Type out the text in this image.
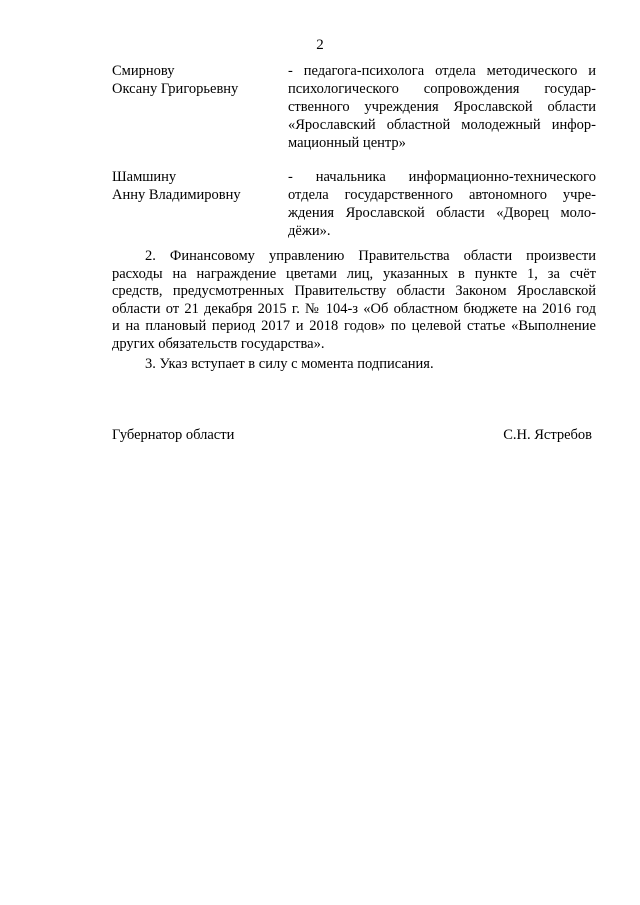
2
Смирнову
Оксану Григорьевну
- педагога-психолога отдела методического и
психологического сопровождения государ-
ственного учреждения Ярославской области
«Ярославский областной молодежный инфор-
мационный центр»
Шамшину
Анну Владимировну
- начальника информационно-технического
отдела государственного автономного учре-
ждения Ярославской области «Дворец моло-
дёжи».
2. Финансовому управлению Правительства области произвести
расходы на награждение цветами лиц, указанных в пункте 1, за счёт
средств, предусмотренных Правительству области Законом Ярославской
области от 21 декабря 2015 г. № 104-з «Об областном бюджете на 2016 год
и на плановый период 2017 и 2018 годов» по целевой статье «Выполнение
других обязательств государства».
3. Указ вступает в силу с момента подписания.
Губернатор области	С.Н. Ястребов
